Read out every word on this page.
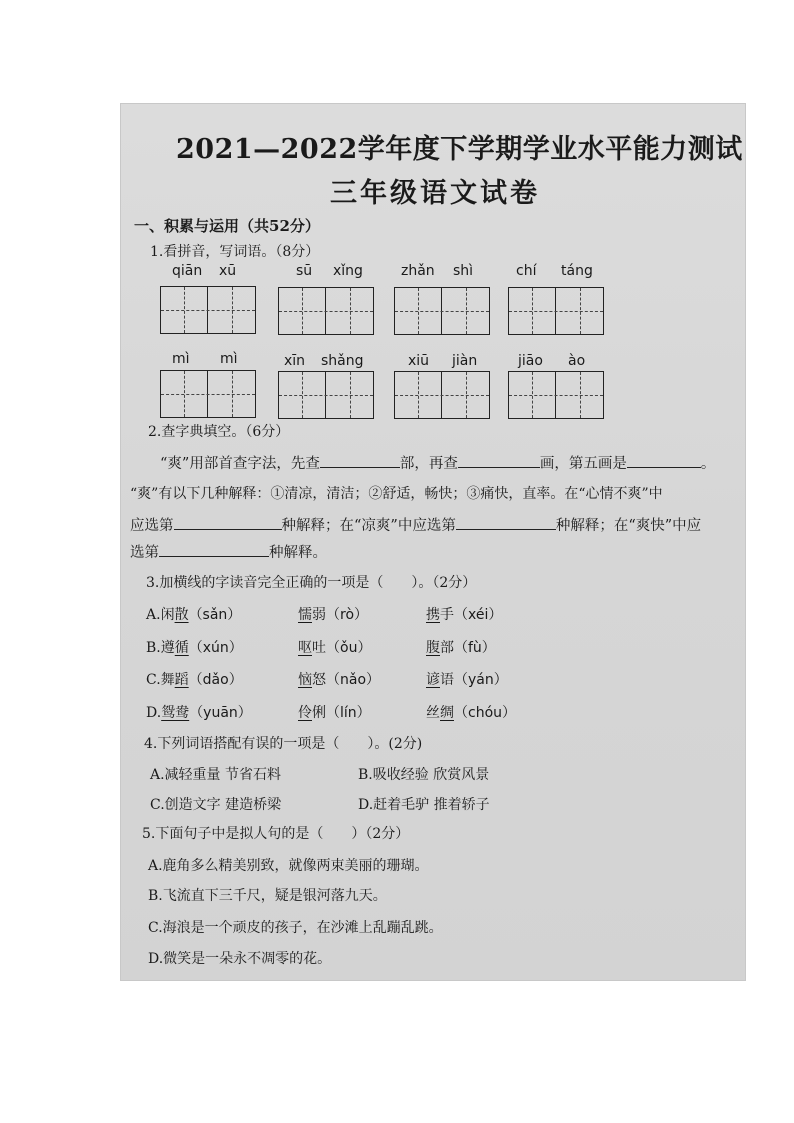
2021—2022学年度下学期学业水平能力测试
三年级语文试卷
一、积累与运用（共52分）
1.看拼音，写词语。（8分）
qiān xū	sū xǐng	zhǎn shì	chí táng
mì mì	xīn shǎng	xiū jiàn	jiāo ào
2.查字典填空。（6分）
“爽”用部首查字法，先查	部，再查	画，第五画是	。
“爽”有以下几种解释：①清凉，清洁；②舒适，畅快；③痛快，直率。在“心情不爽”中
应选第	种解释；在“凉爽”中应选第	种解释；在“爽快”中应
选第	种解释。
3.加横线的字读音完全正确的一项是（　　）。（2分）
A.闲散（sǎn）	懦弱（rò）	携手（xéi）
B.遵循（xún）	呕吐（ǒu）	腹部（fù）
C.舞蹈（dǎo）	恼怒（nǎo）	谚语（yán）
D.鸳鸯（yuān）	伶俐（lín）	丝绸（chóu）
4.下列词语搭配有误的一项是（　　）。(2分)
A.减轻重量 节省石料	B.吸收经验 欣赏风景
C.创造文字 建造桥梁	D.赶着毛驴 推着轿子
5.下面句子中是拟人句的是（　　）（2分）
A.鹿角多么精美别致，就像两束美丽的珊瑚。
B.飞流直下三千尺，疑是银河落九天。
C.海浪是一个顽皮的孩子，在沙滩上乱蹦乱跳。
D.微笑是一朵永不凋零的花。
